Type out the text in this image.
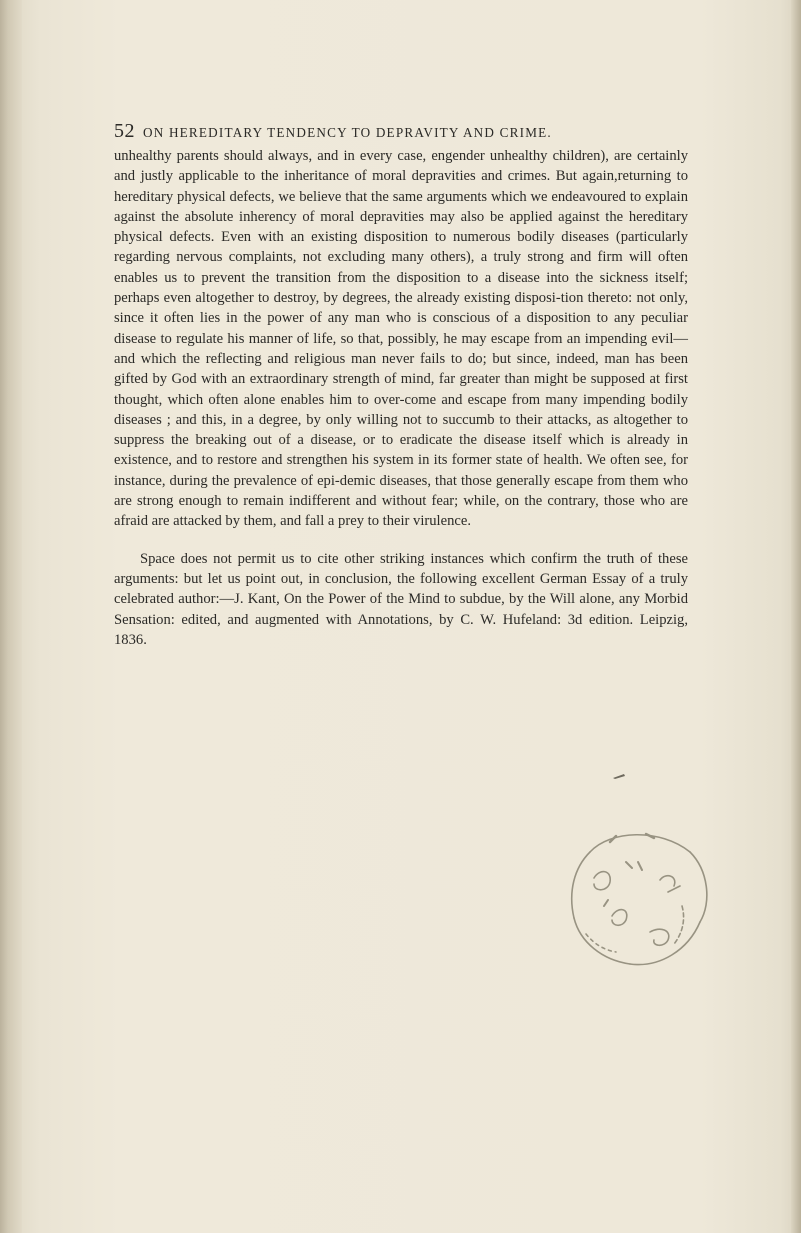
52 ON HEREDITARY TENDENCY TO DEPRAVITY AND CRIME.

unhealthy parents should always, and in every case, engender unhealthy children), are certainly and justly applicable to the inheritance of moral depravities and crimes. But again,returning to hereditary physical defects, we believe that the same arguments which we endeavoured to explain against the absolute inherency of moral depravities may also be applied against the hereditary physical defects. Even with an existing disposition to numerous bodily diseases (particularly regarding nervous complaints, not excluding many others), a truly strong and firm will often enables us to prevent the transition from the disposition to a disease into the sickness itself; perhaps even altogether to destroy, by degrees, the already existing disposi-tion thereto: not only, since it often lies in the power of any man who is conscious of a disposition to any peculiar disease to regulate his manner of life, so that, possibly, he may escape from an impending evil—and which the reflecting and religious man never fails to do; but since, indeed, man has been gifted by God with an extraordinary strength of mind, far greater than might be supposed at first thought, which often alone enables him to over-come and escape from many impending bodily diseases ; and this, in a degree, by only willing not to succumb to their attacks, as altogether to suppress the breaking out of a disease, or to eradicate the disease itself which is already in existence, and to restore and strengthen his system in its former state of health. We often see, for instance, during the prevalence of epi-demic diseases, that those generally escape from them who are strong enough to remain indifferent and without fear; while, on the contrary, those who are afraid are attacked by them, and fall a prey to their virulence.

Space does not permit us to cite other striking instances which confirm the truth of these arguments: but let us point out, in conclusion, the following excellent German Essay of a truly celebrated author:—J. Kant, On the Power of the Mind to subdue, by the Will alone, any Morbid Sensation: edited, and augmented with Annotations, by C. W. Hufeland: 3d edition. Leipzig, 1836.
